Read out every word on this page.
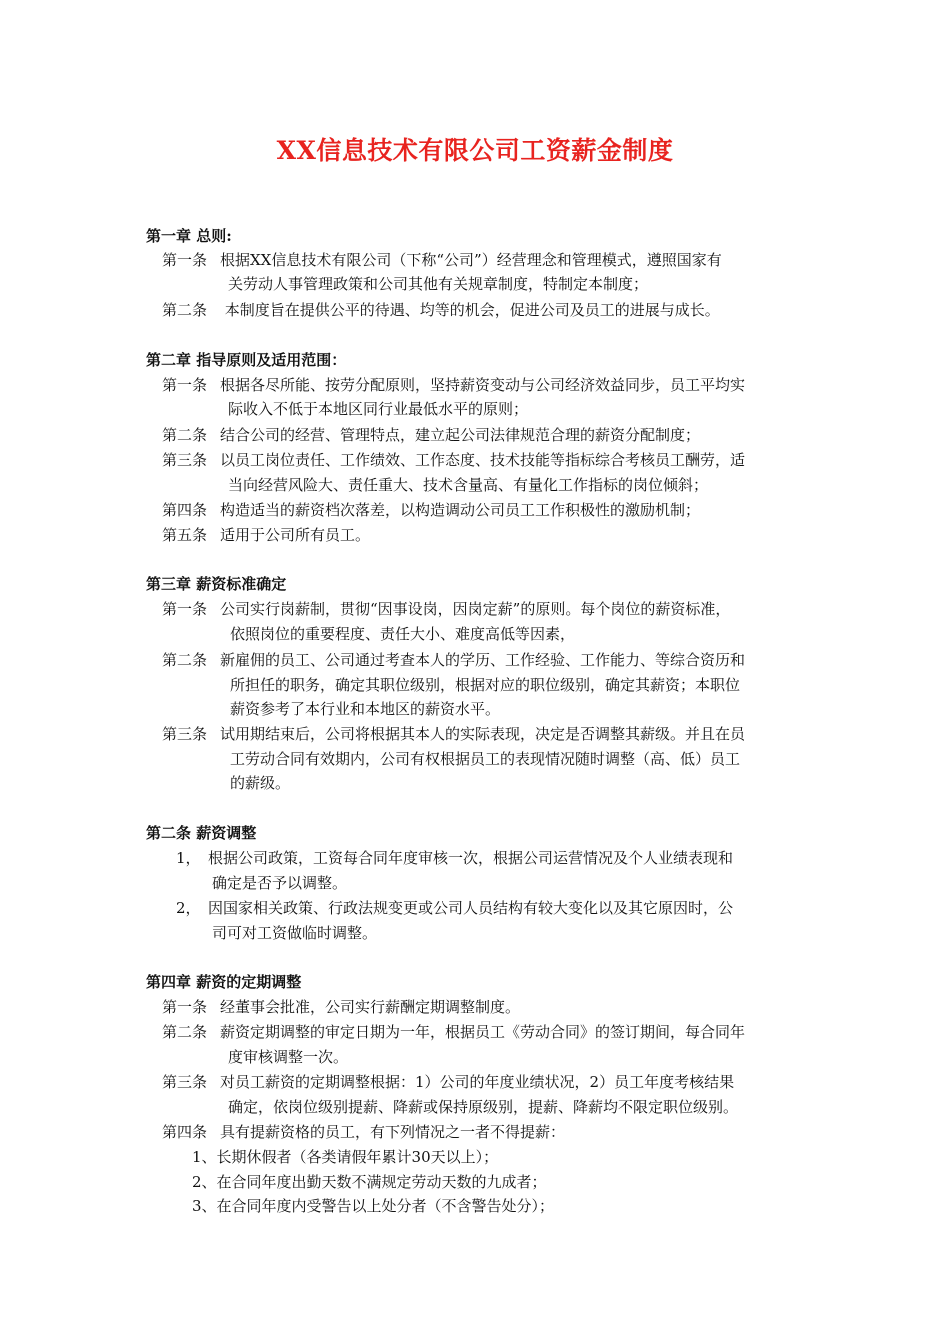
XX信息技术有限公司工资薪金制度
第一章 总则:
第一条 根据XX信息技术有限公司（下称“公司”）经营理念和管理模式，遵照国家有
关劳动人事管理政策和公司其他有关规章制度，特制定本制度；
第二条 本制度旨在提供公平的待遇、均等的机会，促进公司及员工的进展与成长。
第二章 指导原则及适用范围：
第一条 根据各尽所能、按劳分配原则，坚持薪资变动与公司经济效益同步，员工平均实
际收入不低于本地区同行业最低水平的原则；
第二条 结合公司的经营、管理特点，建立起公司法律规范合理的薪资分配制度；
第三条 以员工岗位责任、工作绩效、工作态度、技术技能等指标综合考核员工酬劳，适
当向经营风险大、责任重大、技术含量高、有量化工作指标的岗位倾斜；
第四条 构造适当的薪资档次落差，以构造调动公司员工工作积极性的激励机制；
第五条 适用于公司所有员工。
第三章 薪资标准确定
第一条 公司实行岗薪制，贯彻“因事设岗，因岗定薪”的原则。每个岗位的薪资标准，
依照岗位的重要程度、责任大小、难度高低等因素，
第二条 新雇佣的员工、公司通过考查本人的学历、工作经验、工作能力、等综合资历和
所担任的职务，确定其职位级别，根据对应的职位级别，确定其薪资；本职位
薪资参考了本行业和本地区的薪资水平。
第三条 试用期结束后，公司将根据其本人的实际表现，决定是否调整其薪级。并且在员
工劳动合同有效期内，公司有权根据员工的表现情况随时调整（高、低）员工
的薪级。
第二条 薪资调整
1， 根据公司政策，工资每合同年度审核一次，根据公司运营情况及个人业绩表现和
确定是否予以调整。
2， 因国家相关政策、行政法规变更或公司人员结构有较大变化以及其它原因时，公
司可对工资做临时调整。
第四章 薪资的定期调整
第一条 经董事会批准，公司实行薪酬定期调整制度。
第二条 薪资定期调整的审定日期为一年，根据员工《劳动合同》的签订期间，每合同年
度审核调整一次。
第三条 对员工薪资的定期调整根据：1）公司的年度业绩状况，2）员工年度考核结果
确定，依岗位级别提薪、降薪或保持原级别，提薪、降薪均不限定职位级别。
第四条 具有提薪资格的员工，有下列情况之一者不得提薪：
1、长期休假者（各类请假年累计30天以上）；
2、在合同年度出勤天数不满规定劳动天数的九成者；
3、在合同年度内受警告以上处分者（不含警告处分）；
